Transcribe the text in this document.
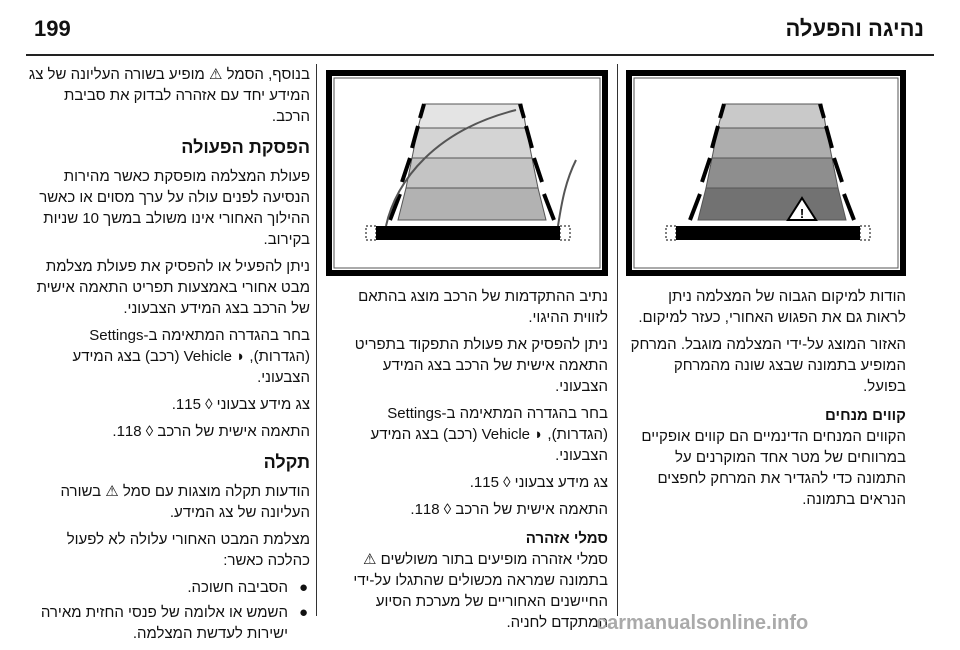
199	נהיגה והפעלה
!
בנוסף, הסמל ⚠ מופיע בשורה העליונה של צג המידע יחד עם אזהרה לבדוק את סביבת הרכב.
הפסקת הפעולה
פעולת המצלמה מופסקת כאשר מהירות הנסיעה לפנים עולה על ערך מסוים או כאשר ההילוך האחורי אינו משולב במשך 10 שניות בקירוב.
ניתן להפעיל או להפסיק את פעולת מצלמת מבט אחורי באמצעות תפריט התאמה אישית של הרכב בצג המידע הצבעוני.
בחר בהגדרה המתאימה ב-Settings (הגדרות), ◗ Vehicle (רכב) בצג המידע הצבעוני.
צג מידע צבעוני ◊ 115.
התאמה אישית של הרכב ◊ 118.
תקלה
הודעות תקלה מוצגות עם סמל ⚠ בשורה העליונה של צג המידע.
מצלמת המבט האחורי עלולה לא לפעול כהלכה כאשר:
●
הסביבה חשוכה.
●
השמש או אלומה של פנסי החזית מאירה ישירות לעדשת המצלמה.
נתיב ההתקדמות של הרכב מוצג בהתאם לזווית ההיגוי.
ניתן להפסיק את פעולת התפקוד בתפריט התאמה אישית של הרכב בצג המידע הצבעוני.
בחר בהגדרה המתאימה ב-Settings (הגדרות), ◗ Vehicle (רכב) בצג המידע הצבעוני.
צג מידע צבעוני ◊ 115.
התאמה אישית של הרכב ◊ 118.
סמלי אזהרה
סמלי אזהרה מופיעים בתור משולשים ⚠ בתמונה שמראה מכשולים שהתגלו על-ידי החיישנים האחוריים של מערכת הסיוע המתקדם לחניה.
הודות למיקום הגבוה של המצלמה ניתן לראות גם את הפגוש האחורי, כעזר למיקום.
האזור המוצג על-ידי המצלמה מוגבל. המרחק המופיע בתמונה שבצג שונה מהמרחק בפועל.
קווים מנחים
הקווים המנחים הדינמיים הם קווים אופקיים במרווחים של מטר אחד המוקרנים על התמונה כדי להגדיר את המרחק לחפצים הנראים בתמונה.
carmanualsonline.info
